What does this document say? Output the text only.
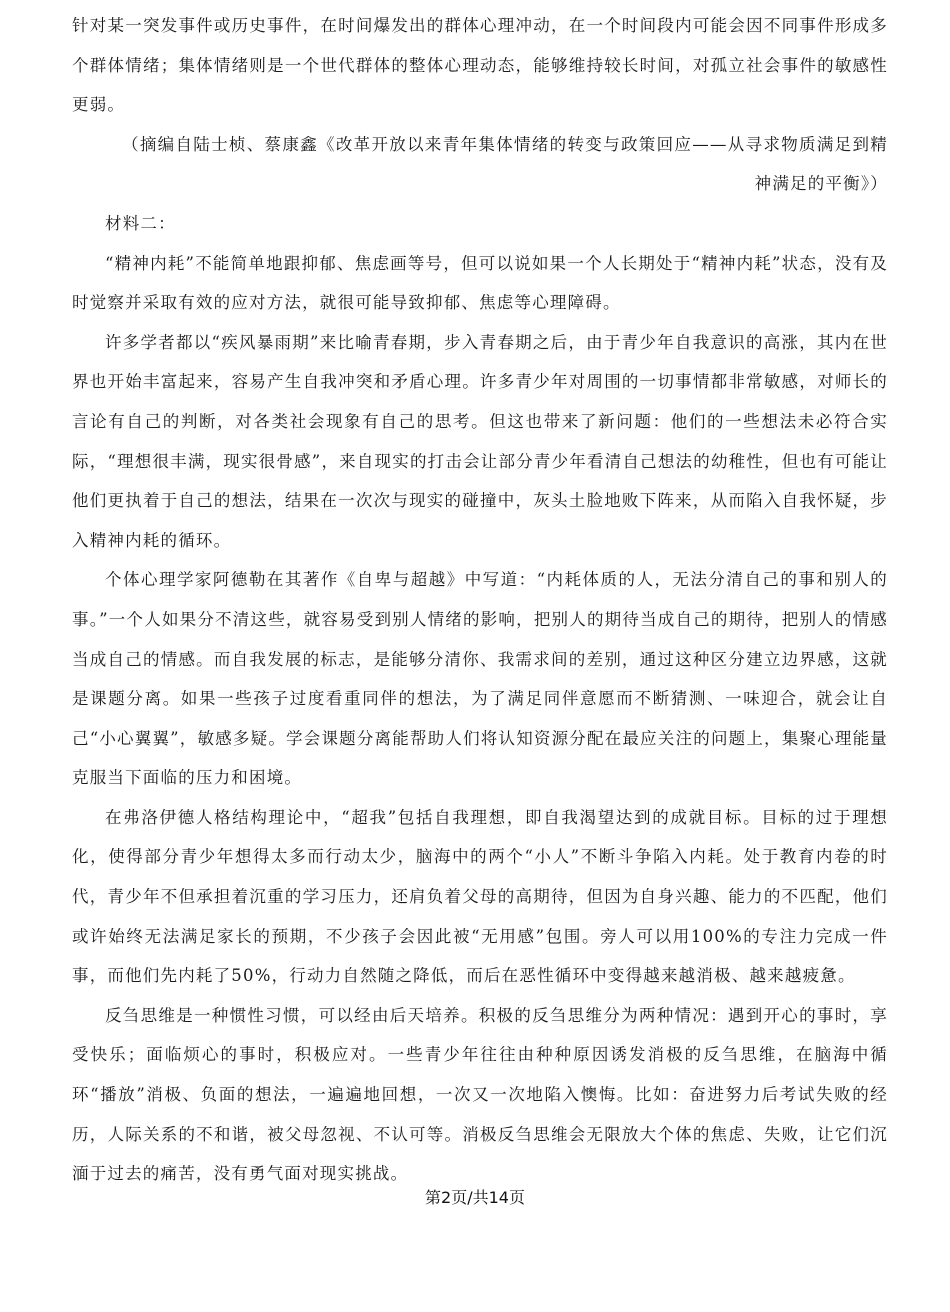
针对某一突发事件或历史事件，在时间爆发出的群体心理冲动，在一个时间段内可能会因不同事件形成多个群体情绪；集体情绪则是一个世代群体的整体心理动态，能够维持较长时间，对孤立社会事件的敏感性更弱。

（摘编自陆士桢、蔡康鑫《改革开放以来青年集体情绪的转变与政策回应——从寻求物质满足到精神满足的平衡》）

材料二：

“精神内耗”不能简单地跟抑郁、焦虑画等号，但可以说如果一个人长期处于“精神内耗”状态，没有及时觉察并采取有效的应对方法，就很可能导致抑郁、焦虑等心理障碍。

许多学者都以“疾风暴雨期”来比喻青春期，步入青春期之后，由于青少年自我意识的高涨，其内在世界也开始丰富起来，容易产生自我冲突和矛盾心理。许多青少年对周围的一切事情都非常敏感，对师长的言论有自己的判断，对各类社会现象有自己的思考。但这也带来了新问题：他们的一些想法未必符合实际，“理想很丰满，现实很骨感”，来自现实的打击会让部分青少年看清自己想法的幼稚性，但也有可能让他们更执着于自己的想法，结果在一次次与现实的碰撞中，灰头土脸地败下阵来，从而陷入自我怀疑，步入精神内耗的循环。

个体心理学家阿德勒在其著作《自卑与超越》中写道：“内耗体质的人，无法分清自己的事和别人的事。”一个人如果分不清这些，就容易受到别人情绪的影响，把别人的期待当成自己的期待，把别人的情感当成自己的情感。而自我发展的标志，是能够分清你、我需求间的差别，通过这种区分建立边界感，这就是课题分离。如果一些孩子过度看重同伴的想法，为了满足同伴意愿而不断猜测、一味迎合，就会让自己“小心翼翼”，敏感多疑。学会课题分离能帮助人们将认知资源分配在最应关注的问题上，集聚心理能量克服当下面临的压力和困境。

在弗洛伊德人格结构理论中，“超我”包括自我理想，即自我渴望达到的成就目标。目标的过于理想化，使得部分青少年想得太多而行动太少，脑海中的两个“小人”不断斗争陷入内耗。处于教育内卷的时代，青少年不但承担着沉重的学习压力，还肩负着父母的高期待，但因为自身兴趣、能力的不匹配，他们或许始终无法满足家长的预期，不少孩子会因此被“无用感”包围。旁人可以用100%的专注力完成一件事，而他们先内耗了50%，行动力自然随之降低，而后在恶性循环中变得越来越消极、越来越疲惫。

反刍思维是一种惯性习惯，可以经由后天培养。积极的反刍思维分为两种情况：遇到开心的事时，享受快乐；面临烦心的事时，积极应对。一些青少年往往由种种原因诱发消极的反刍思维，在脑海中循环“播放”消极、负面的想法，一遍遍地回想，一次又一次地陷入懊悔。比如：奋进努力后考试失败的经历，人际关系的不和谐，被父母忽视、不认可等。消极反刍思维会无限放大个体的焦虑、失败，让它们沉湎于过去的痛苦，没有勇气面对现实挑战。

第2页/共14页
